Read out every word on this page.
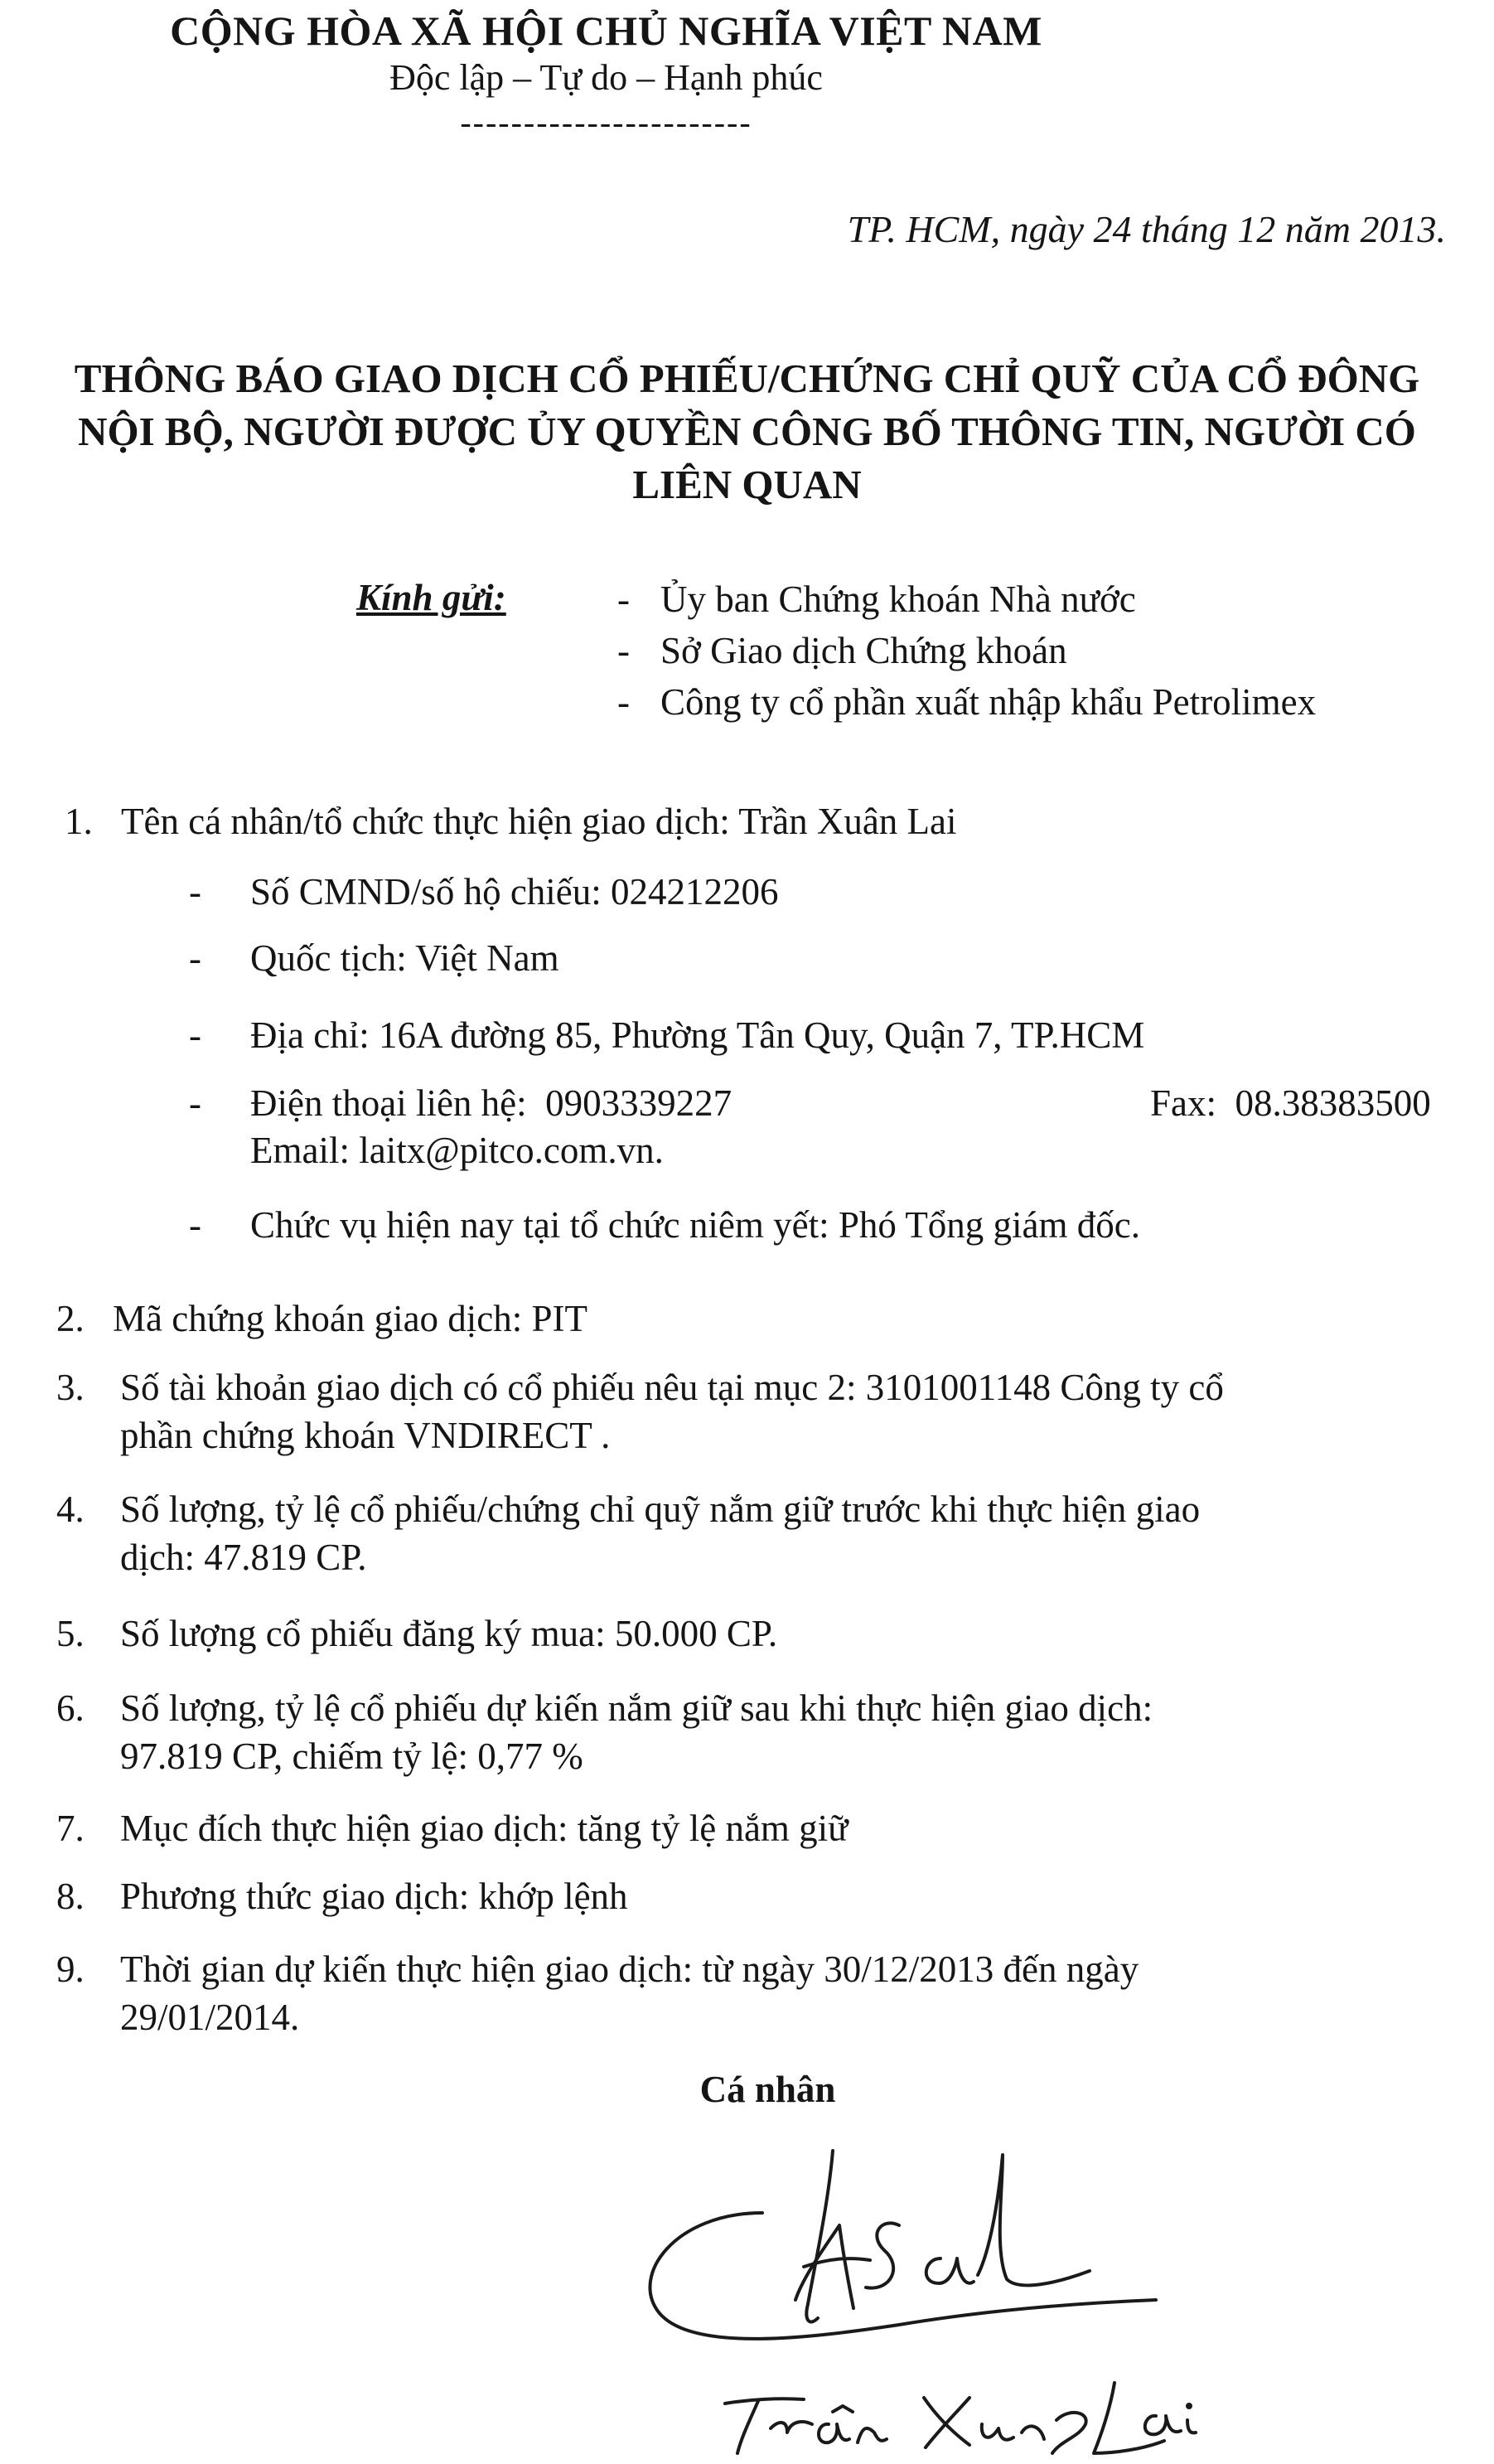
CỘNG HÒA XÃ HỘI CHỦ NGHĨA VIỆT NAM
Độc lập – Tự do – Hạnh phúc
-----------------------
TP. HCM, ngày 24 tháng 12 năm 2013.
THÔNG BÁO GIAO DỊCH CỔ PHIẾU/CHỨNG CHỈ QUỸ CỦA CỔ ĐÔNG
NỘI BỘ, NGƯỜI ĐƯỢC ỦY QUYỀN CÔNG BỐ THÔNG TIN, NGƯỜI CÓ
LIÊN QUAN
Kính gửi:	- Ủy ban Chứng khoán Nhà nước
- Sở Giao dịch Chứng khoán
- Công ty cổ phần xuất nhập khẩu Petrolimex
1. Tên cá nhân/tổ chức thực hiện giao dịch: Trần Xuân Lai
- Số CMND/số hộ chiếu: 024212206
- Quốc tịch: Việt Nam
- Địa chỉ: 16A đường 85, Phường Tân Quy, Quận 7, TP.HCM
- Điện thoại liên hệ: 0903339227	Fax: 08.38383500
Email: laitx@pitco.com.vn.
- Chức vụ hiện nay tại tổ chức niêm yết: Phó Tổng giám đốc.
2. Mã chứng khoán giao dịch: PIT
3. Số tài khoản giao dịch có cổ phiếu nêu tại mục 2: 3101001148 Công ty cổ
phần chứng khoán VNDIRECT .
4. Số lượng, tỷ lệ cổ phiếu/chứng chỉ quỹ nắm giữ trước khi thực hiện giao
dịch: 47.819 CP.
5. Số lượng cổ phiếu đăng ký mua: 50.000 CP.
6. Số lượng, tỷ lệ cổ phiếu dự kiến nắm giữ sau khi thực hiện giao dịch:
97.819 CP, chiếm tỷ lệ: 0,77 %
7. Mục đích thực hiện giao dịch: tăng tỷ lệ nắm giữ
8. Phương thức giao dịch: khớp lệnh
9. Thời gian dự kiến thực hiện giao dịch: từ ngày 30/12/2013 đến ngày
29/01/2014.
Cá nhân
